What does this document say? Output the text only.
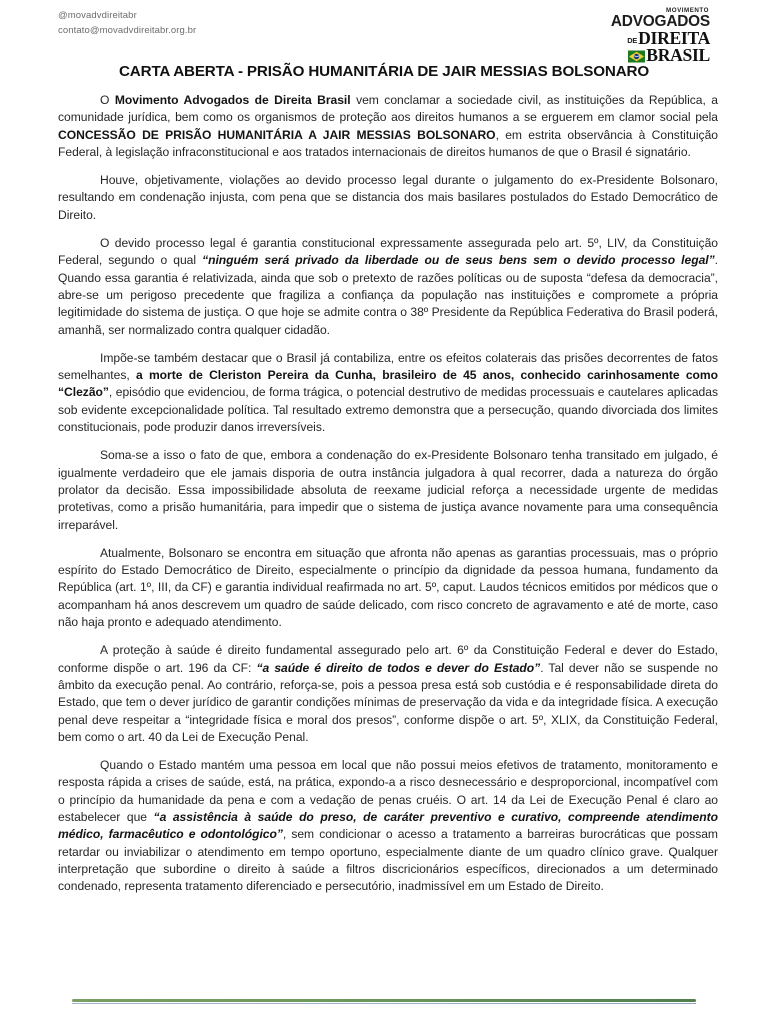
@movadvdireitabr
contato@movadvdireitabr.org.br
MOVIMENTO
ADVOGADOS
DE DIREITA
BRASIL
CARTA ABERTA - PRISÃO HUMANITÁRIA DE JAIR MESSIAS BOLSONARO

O Movimento Advogados de Direita Brasil vem conclamar a sociedade civil, as instituições da República, a comunidade jurídica, bem como os organismos de proteção aos direitos humanos a se erguerem em clamor social pela CONCESSÃO DE PRISÃO HUMANITÁRIA A JAIR MESSIAS BOLSONARO, em estrita observância à Constituição Federal, à legislação infraconstitucional e aos tratados internacionais de direitos humanos de que o Brasil é signatário.

Houve, objetivamente, violações ao devido processo legal durante o julgamento do ex-Presidente Bolsonaro, resultando em condenação injusta, com pena que se distancia dos mais basilares postulados do Estado Democrático de Direito.

O devido processo legal é garantia constitucional expressamente assegurada pelo art. 5º, LIV, da Constituição Federal, segundo o qual “ninguém será privado da liberdade ou de seus bens sem o devido processo legal”. Quando essa garantia é relativizada, ainda que sob o pretexto de razões políticas ou de suposta “defesa da democracia”, abre-se um perigoso precedente que fragiliza a confiança da população nas instituições e compromete a própria legitimidade do sistema de justiça. O que hoje se admite contra o 38º Presidente da República Federativa do Brasil poderá, amanhã, ser normalizado contra qualquer cidadão.

Impõe-se também destacar que o Brasil já contabiliza, entre os efeitos colaterais das prisões decorrentes de fatos semelhantes, a morte de Cleriston Pereira da Cunha, brasileiro de 45 anos, conhecido carinhosamente como “Clezão”, episódio que evidenciou, de forma trágica, o potencial destrutivo de medidas processuais e cautelares aplicadas sob evidente excepcionalidade política. Tal resultado extremo demonstra que a persecução, quando divorciada dos limites constitucionais, pode produzir danos irreversíveis.

Soma-se a isso o fato de que, embora a condenação do ex-Presidente Bolsonaro tenha transitado em julgado, é igualmente verdadeiro que ele jamais disporia de outra instância julgadora à qual recorrer, dada a natureza do órgão prolator da decisão. Essa impossibilidade absoluta de reexame judicial reforça a necessidade urgente de medidas protetivas, como a prisão humanitária, para impedir que o sistema de justiça avance novamente para uma consequência irreparável.

Atualmente, Bolsonaro se encontra em situação que afronta não apenas as garantias processuais, mas o próprio espírito do Estado Democrático de Direito, especialmente o princípio da dignidade da pessoa humana, fundamento da República (art. 1º, III, da CF) e garantia individual reafirmada no art. 5º, caput. Laudos técnicos emitidos por médicos que o acompanham há anos descrevem um quadro de saúde delicado, com risco concreto de agravamento e até de morte, caso não haja pronto e adequado atendimento.

A proteção à saúde é direito fundamental assegurado pelo art. 6º da Constituição Federal e dever do Estado, conforme dispõe o art. 196 da CF: “a saúde é direito de todos e dever do Estado”. Tal dever não se suspende no âmbito da execução penal. Ao contrário, reforça-se, pois a pessoa presa está sob custódia e é responsabilidade direta do Estado, que tem o dever jurídico de garantir condições mínimas de preservação da vida e da integridade física. A execução penal deve respeitar a “integridade física e moral dos presos”, conforme dispõe o art. 5º, XLIX, da Constituição Federal, bem como o art. 40 da Lei de Execução Penal.

Quando o Estado mantém uma pessoa em local que não possui meios efetivos de tratamento, monitoramento e resposta rápida a crises de saúde, está, na prática, expondo-a a risco desnecessário e desproporcional, incompatível com o princípio da humanidade da pena e com a vedação de penas cruéis. O art. 14 da Lei de Execução Penal é claro ao estabelecer que “a assistência à saúde do preso, de caráter preventivo e curativo, compreende atendimento médico, farmacêutico e odontológico”, sem condicionar o acesso a tratamento a barreiras burocráticas que possam retardar ou inviabilizar o atendimento em tempo oportuno, especialmente diante de um quadro clínico grave. Qualquer interpretação que subordine o direito à saúde a filtros discricionários específicos, direcionados a um determinado condenado, representa tratamento diferenciado e persecutório, inadmissível em um Estado de Direito.
